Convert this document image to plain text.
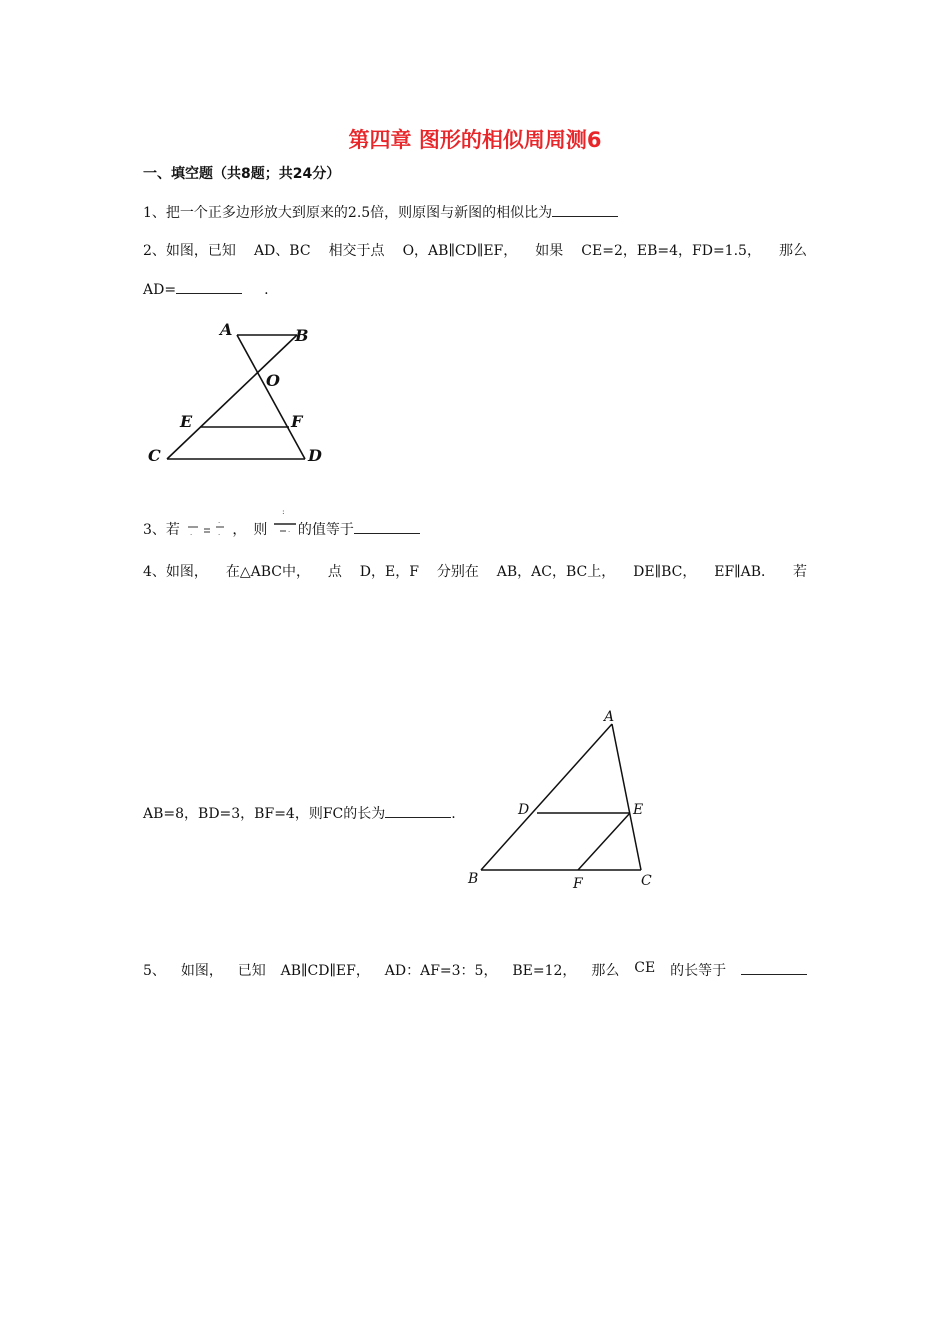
第四章 图形的相似周周测6
一、填空题（共8题；共24分）
1、把一个正多边形放大到原来的2.5倍，则原图与新图的相似比为
2、如图，已知 AD、BC 相交于点 O，AB∥CD∥EF， 如果 CE=2，EB=4，FD=1.5， 那么
AD=	.
A	B
O
E	F
C	D
3、若 ·
·
· ，　则
:
· 的值等于
4、如图， 在△ABC中， 点 D，E，F 分别在 AB，AC，BC上， DE∥BC， EF∥AB． 若
AB=8，BD=3，BF=4，则FC的长为	.
A
D	E
B	F	C
5、 如图， 已知 AB∥CD∥EF， AD：AF=3：5， BE=12， 那么 CE 的长等于
